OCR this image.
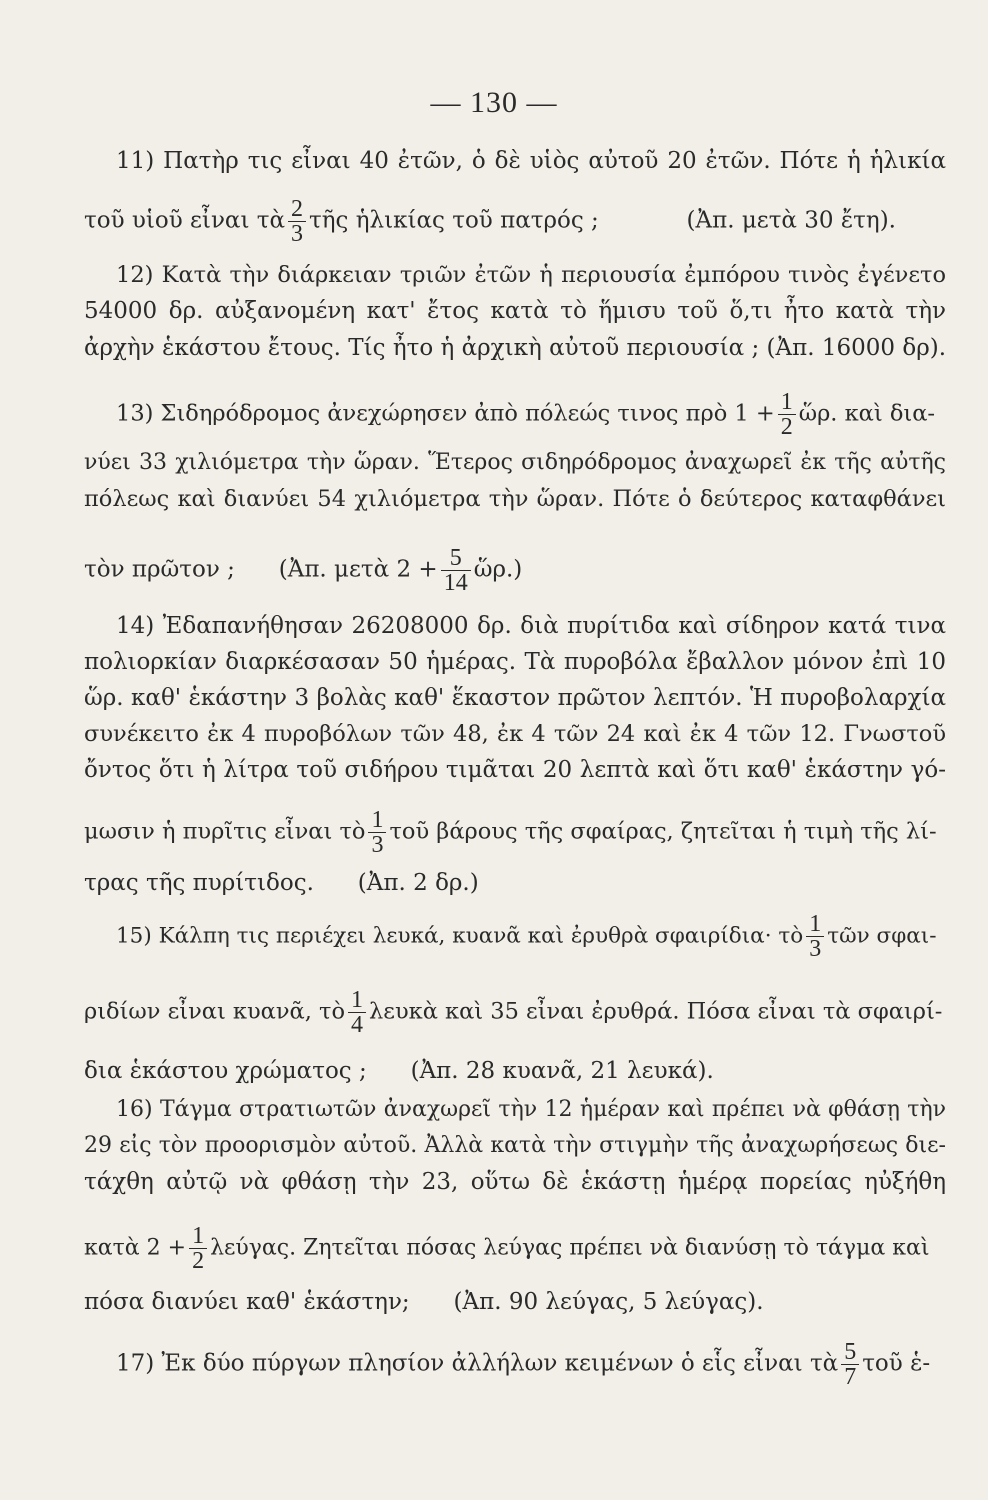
— 130 —
11) Πατὴρ τις εἶναι 40 ἐτῶν, ὁ δὲ υἱὸς αὐτοῦ 20 ἐτῶν. Πότε ἡ ἡλικία
τοῦ υἱοῦ εἶναι τὰ $\frac{2}{3}$ τῆς ἡλικίας τοῦ πατρός ;            (Ἀπ. μετὰ 30 ἔτη).
12) Κατὰ τὴν διάρκειαν τριῶν ἐτῶν ἡ περιουσία ἐμπόρου τινὸς ἐγένετο
54000 δρ. αὐξανομένη κατ' ἔτος κατὰ τὸ ἥμισυ τοῦ ὅ,τι ἦτο κατὰ τὴν
ἀρχὴν ἑκάστου ἔτους. Τίς ἦτο ἡ ἀρχικὴ αὐτοῦ περιουσία ; (Ἀπ. 16000 δρ).
13) Σιδηρόδρομος ἀνεχώρησεν ἀπὸ πόλεώς τινος πρὸ $1 + \frac{1}{2}$ ὥρ. καὶ δια-
νύει 33 χιλιόμετρα τὴν ὥραν. Ἕτερος σιδηρόδρομος ἀναχωρεῖ ἐκ τῆς αὐτῆς
πόλεως καὶ διανύει 54 χιλιόμετρα τὴν ὥραν. Πότε ὁ δεύτερος καταφθάνει
τὸν πρῶτον ;      (Ἀπ. μετὰ $2 + \frac{5}{14}$ ὥρ.)
14) Ἐδαπανήθησαν 26208000 δρ. διὰ πυρίτιδα καὶ σίδηρον κατά τινα
πολιορκίαν διαρκέσασαν 50 ἡμέρας. Τὰ πυροβόλα ἔβαλλον μόνον ἐπὶ 10
ὥρ. καθ' ἑκάστην 3 βολὰς καθ' ἕκαστον πρῶτον λεπτόν. Ἡ πυροβολαρχία
συνέκειτο ἐκ 4 πυροβόλων τῶν 48, ἐκ 4 τῶν 24 καὶ ἐκ 4 τῶν 12. Γνωστοῦ
ὄντος ὅτι ἡ λίτρα τοῦ σιδήρου τιμᾶται 20 λεπτὰ καὶ ὅτι καθ' ἑκάστην γό-
μωσιν ἡ πυρῖτις εἶναι τὸ $\frac{1}{3}$ τοῦ βάρους τῆς σφαίρας, ζητεῖται ἡ τιμὴ τῆς λί-
τρας τῆς πυρίτιδος.      (Ἀπ. 2 δρ.)
15) Κάλπη τις περιέχει λευκά, κυανᾶ καὶ ἐρυθρὰ σφαιρίδια· τὸ $\frac{1}{3}$ τῶν σφαι-
ριδίων εἶναι κυανᾶ, τὸ $\frac{1}{4}$ λευκὰ καὶ 35 εἶναι ἐρυθρά. Πόσα εἶναι τὰ σφαιρί-
δια ἑκάστου χρώματος ;      (Ἀπ. 28 κυανᾶ, 21 λευκά).
16) Τάγμα στρατιωτῶν ἀναχωρεῖ τὴν 12 ἡμέραν καὶ πρέπει νὰ φθάσῃ τὴν
29 εἰς τὸν προορισμὸν αὐτοῦ. Ἀλλὰ κατὰ τὴν στιγμὴν τῆς ἀναχωρήσεως διε-
τάχθη αὐτῷ νὰ φθάσῃ τὴν 23, οὕτω δὲ ἑκάστῃ ἡμέρᾳ πορείας ηὐξήθη
κατὰ $2 + \frac{1}{2} \lambda\varepsilon ύ\gamma\alpha\varsigma$. Ζητεῖται πόσας λεύγας πρέπει νὰ διανύσῃ τὸ τάγμα καὶ
πόσα διανύει καθ' ἑκάστην;      (Ἀπ. 90 λεύγας, 5 λεύγας).
17) Ἐκ δύο πύργων πλησίον ἀλλήλων κειμένων ὁ εἷς εἶναι τὰ $\frac{5}{7}$ τοῦ ἑ-
